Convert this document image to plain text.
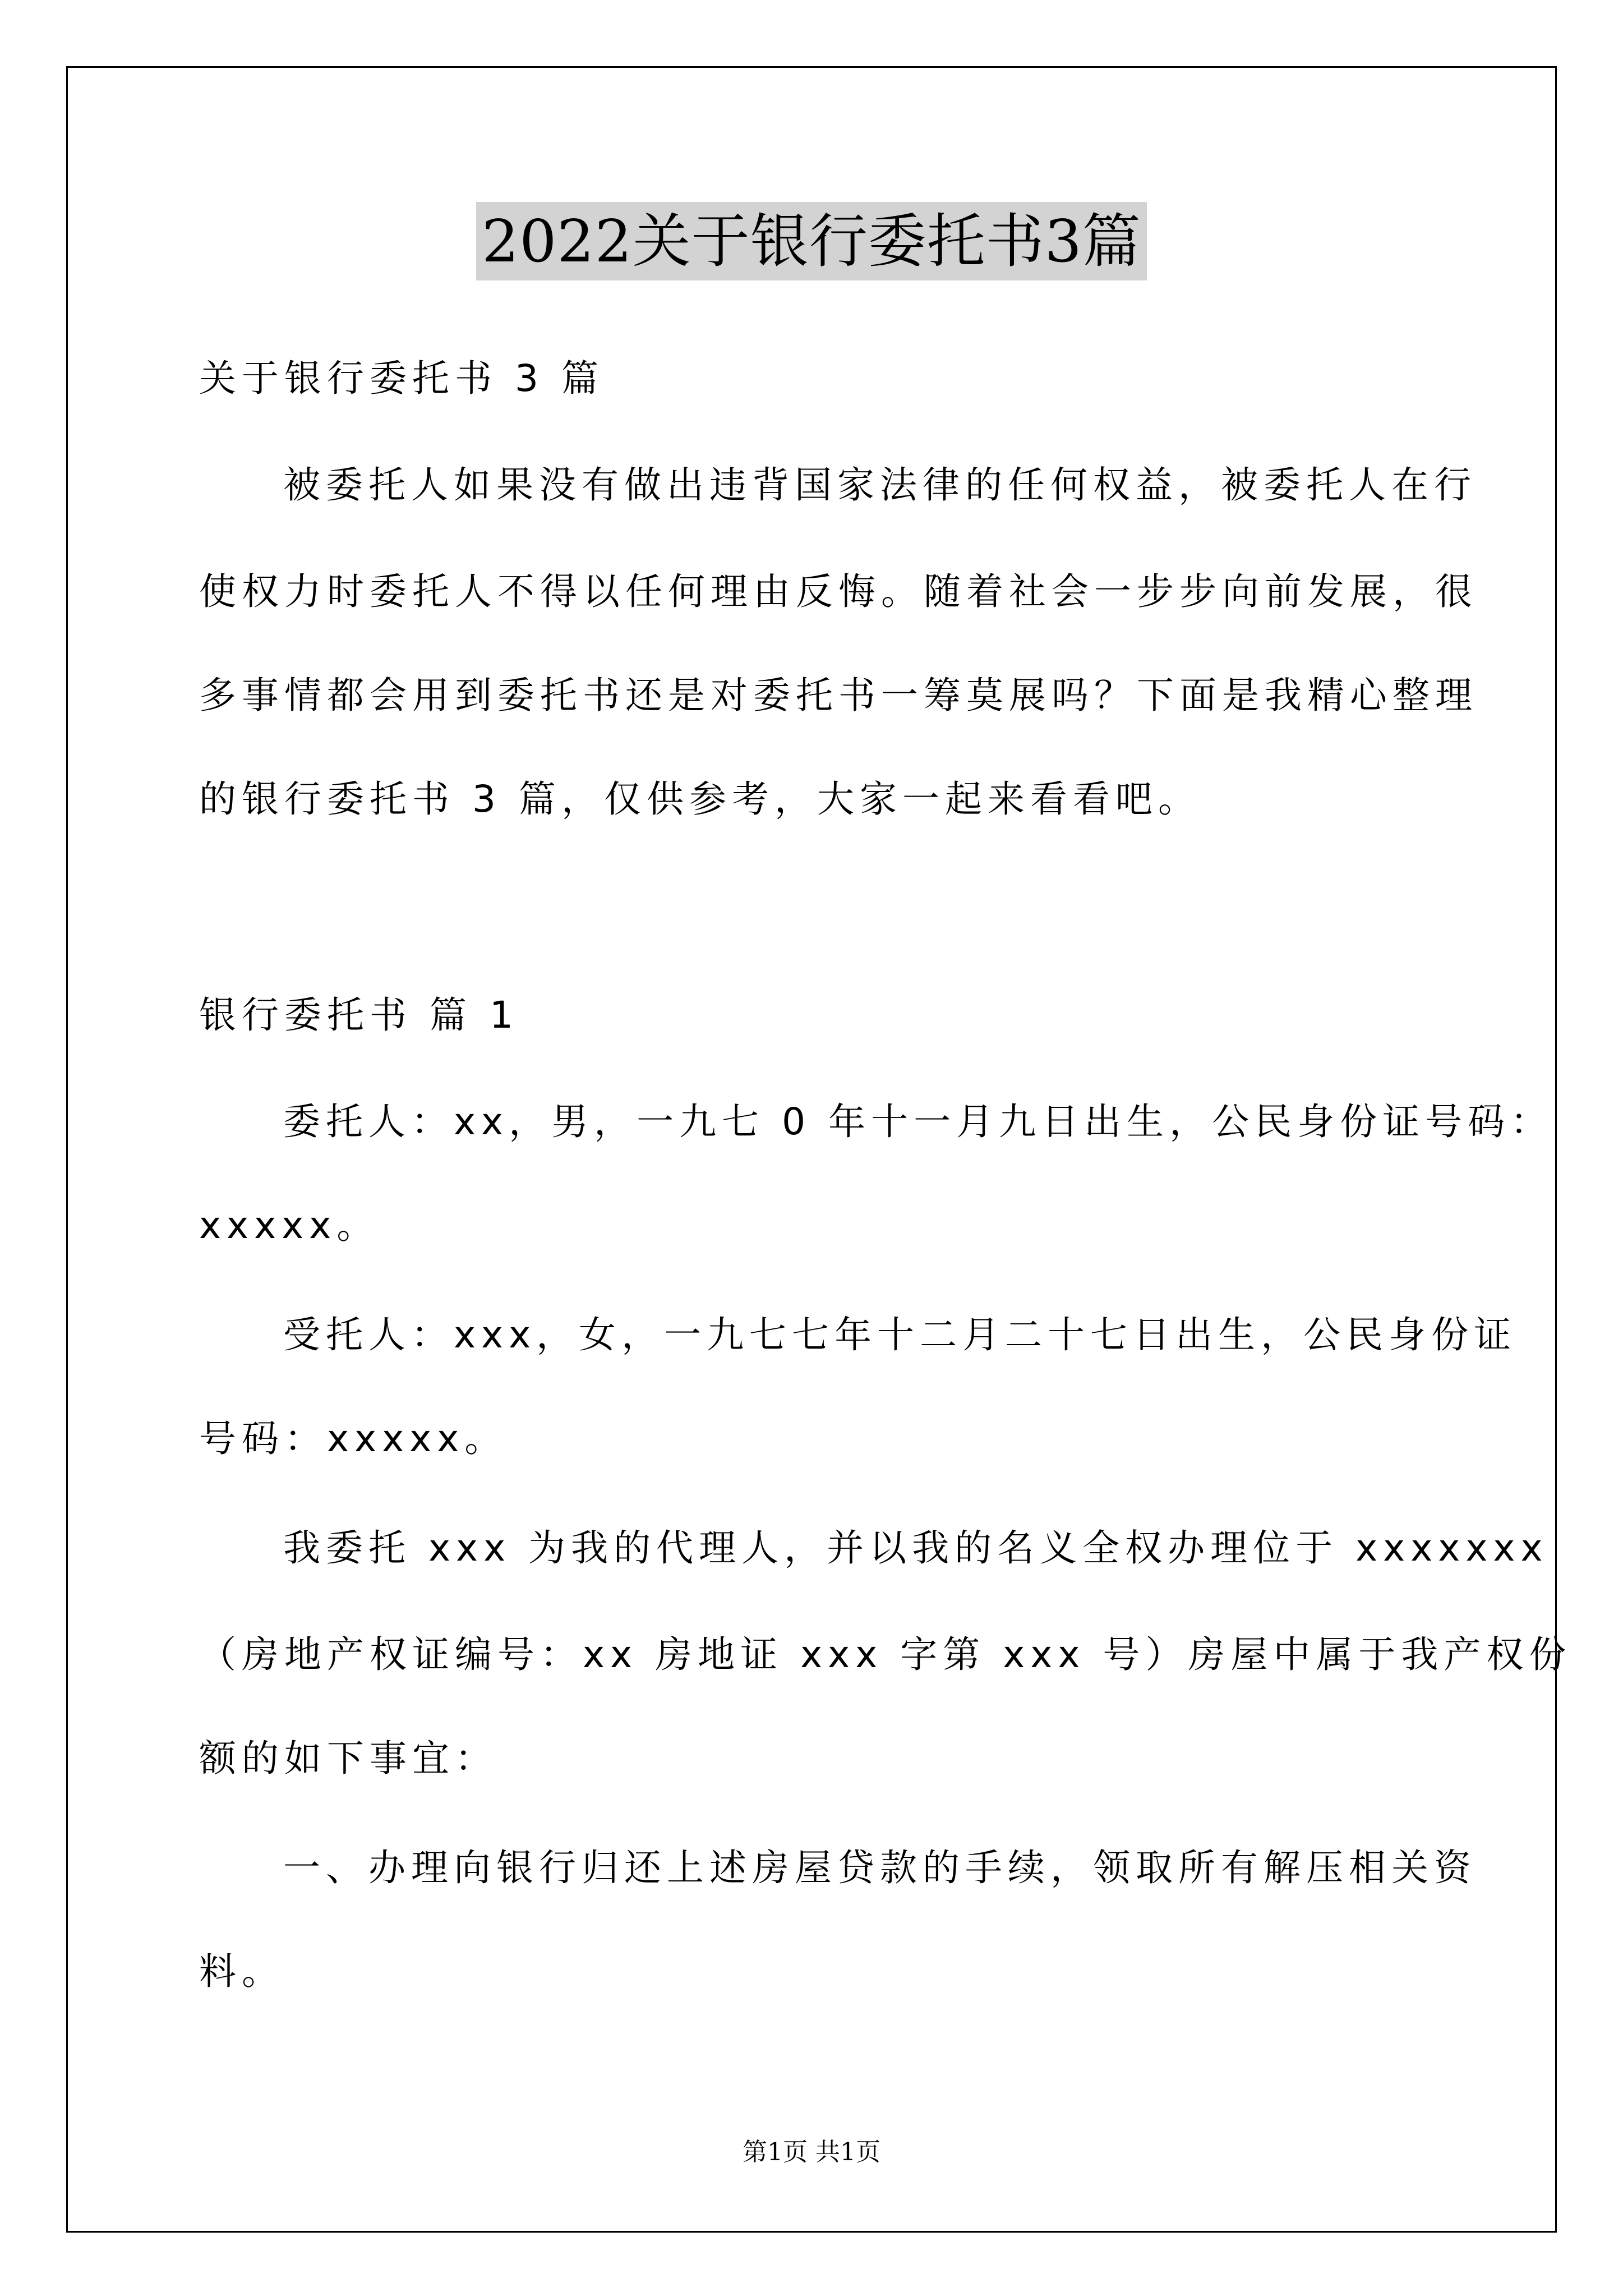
2022关于银行委托书3篇
关于银行委托书 3 篇
被委托人如果没有做出违背国家法律的任何权益，被委托人在行
使权力时委托人不得以任何理由反悔。随着社会一步步向前发展，很
多事情都会用到委托书还是对委托书一筹莫展吗？下面是我精心整理
的银行委托书 3 篇，仅供参考，大家一起来看看吧。
银行委托书 篇 1
委托人：xx，男，一九七 0 年十一月九日出生，公民身份证号码：
xxxxx。
受托人：xxx，女，一九七七年十二月二十七日出生，公民身份证
号码：xxxxx。
我委托 xxx 为我的代理人，并以我的名义全权办理位于 xxxxxxx
（房地产权证编号：xx 房地证 xxx 字第 xxx 号）房屋中属于我产权份
额的如下事宜：
一、办理向银行归还上述房屋贷款的手续，领取所有解压相关资
料。
第1页 共1页
